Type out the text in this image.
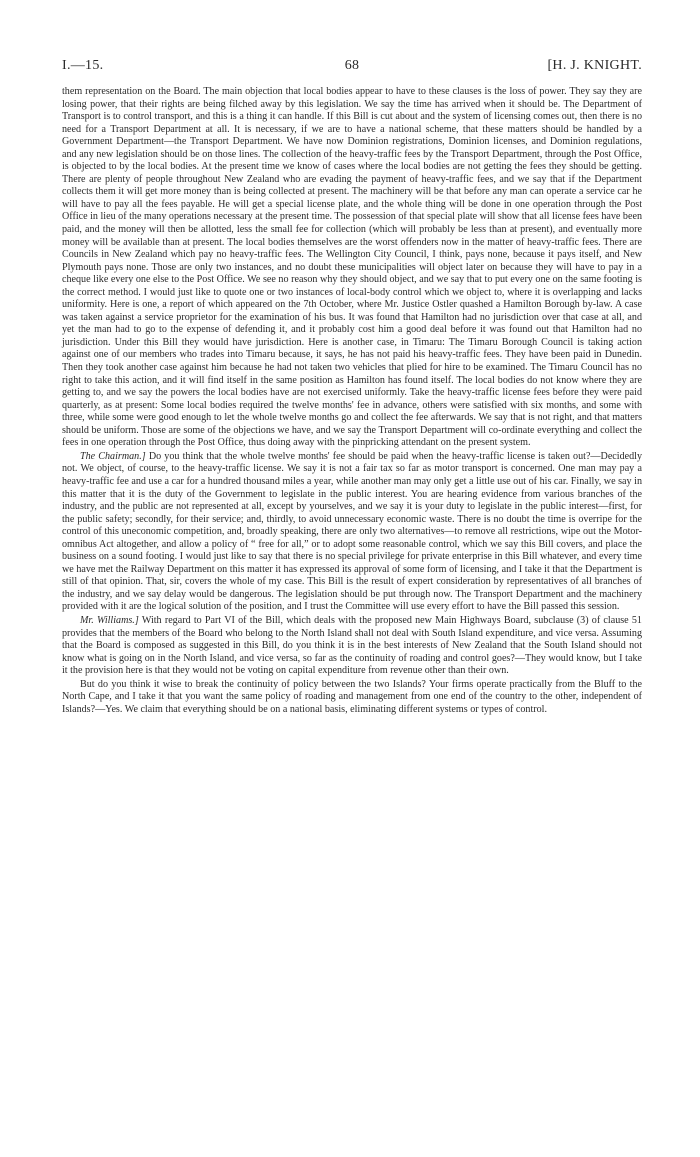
I.—15.	68	[H. J. KNIGHT.

them representation on the Board. The main objection that local bodies appear to have to these clauses is the loss of power. They say they are losing power, that their rights are being filched away by this legislation. We say the time has arrived when it should be. The Department of Transport is to control transport, and this is a thing it can handle. If this Bill is cut about and the system of licensing comes out, then there is no need for a Transport Department at all. It is necessary, if we are to have a national scheme, that these matters should be handled by a Government Department—the Transport Department. We have now Dominion registrations, Dominion licenses, and Dominion regulations, and any new legislation should be on those lines. The collection of the heavy-traffic fees by the Transport Department, through the Post Office, is objected to by the local bodies. At the present time we know of cases where the local bodies are not getting the fees they should be getting. There are plenty of people throughout New Zealand who are evading the payment of heavy-traffic fees, and we say that if the Department collects them it will get more money than is being collected at present. The machinery will be that before any man can operate a service car he will have to pay all the fees payable. He will get a special license plate, and the whole thing will be done in one operation through the Post Office in lieu of the many operations necessary at the present time. The possession of that special plate will show that all license fees have been paid, and the money will then be allotted, less the small fee for collection (which will probably be less than at present), and eventually more money will be available than at present. The local bodies themselves are the worst offenders now in the matter of heavy-traffic fees. There are Councils in New Zealand which pay no heavy-traffic fees. The Wellington City Council, I think, pays none, because it pays itself, and New Plymouth pays none. Those are only two instances, and no doubt these municipalities will object later on because they will have to pay in a cheque like every one else to the Post Office. We see no reason why they should object, and we say that to put every one on the same footing is the correct method. I would just like to quote one or two instances of local-body control which we object to, where it is overlapping and lacks uniformity. Here is one, a report of which appeared on the 7th October, where Mr. Justice Ostler quashed a Hamilton Borough by-law. A case was taken against a service proprietor for the examination of his bus. It was found that Hamilton had no jurisdiction over that case at all, and yet the man had to go to the expense of defending it, and it probably cost him a good deal before it was found out that Hamilton had no jurisdiction. Under this Bill they would have jurisdiction. Here is another case, in Timaru: The Timaru Borough Council is taking action against one of our members who trades into Timaru because, it says, he has not paid his heavy-traffic fees. They have been paid in Dunedin. Then they took another case against him because he had not taken two vehicles that plied for hire to be examined. The Timaru Council has no right to take this action, and it will find itself in the same position as Hamilton has found itself. The local bodies do not know where they are getting to, and we say the powers the local bodies have are not exercised uniformly. Take the heavy-traffic license fees before they were paid quarterly, as at present: Some local bodies required the twelve months' fee in advance, others were satisfied with six months, and some with three, while some were good enough to let the whole twelve months go and collect the fee afterwards. We say that is not right, and that matters should be uniform. Those are some of the objections we have, and we say the Transport Department will co-ordinate everything and collect the fees in one operation through the Post Office, thus doing away with the pinpricking attendant on the present system.

The Chairman.] Do you think that the whole twelve months' fee should be paid when the heavy-traffic license is taken out?—Decidedly not. We object, of course, to the heavy-traffic license. We say it is not a fair tax so far as motor transport is concerned. One man may pay a heavy-traffic fee and use a car for a hundred thousand miles a year, while another man may only get a little use out of his car. Finally, we say in this matter that it is the duty of the Government to legislate in the public interest. You are hearing evidence from various branches of the industry, and the public are not represented at all, except by yourselves, and we say it is your duty to legislate in the public interest—first, for the public safety; secondly, for their service; and, thirdly, to avoid unnecessary economic waste. There is no doubt the time is overripe for the control of this uneconomic competition, and, broadly speaking, there are only two alternatives—to remove all restrictions, wipe out the Motor-omnibus Act altogether, and allow a policy of “ free for all,” or to adopt some reasonable control, which we say this Bill covers, and place the business on a sound footing. I would just like to say that there is no special privilege for private enterprise in this Bill whatever, and every time we have met the Railway Department on this matter it has expressed its approval of some form of licensing, and I take it that the Department is still of that opinion. That, sir, covers the whole of my case. This Bill is the result of expert consideration by representatives of all branches of the industry, and we say delay would be dangerous. The legislation should be put through now. The Transport Department and the machinery provided with it are the logical solution of the position, and I trust the Committee will use every effort to have the Bill passed this session.

Mr. Williams.] With regard to Part VI of the Bill, which deals with the proposed new Main Highways Board, subclause (3) of clause 51 provides that the members of the Board who belong to the North Island shall not deal with South Island expenditure, and vice versa. Assuming that the Board is composed as suggested in this Bill, do you think it is in the best interests of New Zealand that the South Island should not know what is going on in the North Island, and vice versa, so far as the continuity of roading and control goes?—They would know, but I take it the provision here is that they would not be voting on capital expenditure from revenue other than their own.

But do you think it wise to break the continuity of policy between the two Islands? Your firms operate practically from the Bluff to the North Cape, and I take it that you want the same policy of roading and management from one end of the country to the other, independent of Islands?—Yes. We claim that everything should be on a national basis, eliminating different systems or types of control.
